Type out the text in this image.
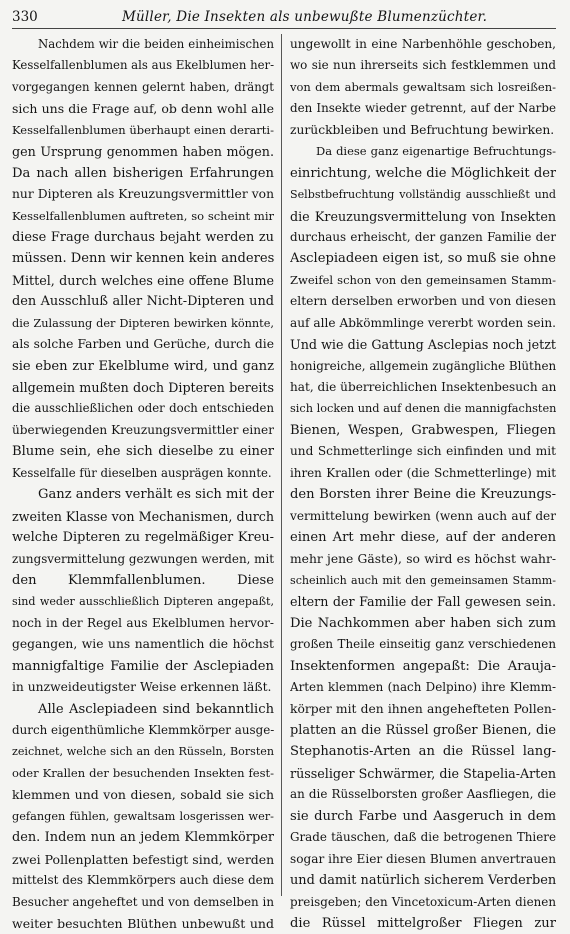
330	Müller, Die Insekten als unbewußte Blumenzüchter.
Nachdem wir die beiden einheimischen
Kesselfallenblumen als aus Ekelblumen her-
vorgegangen kennen gelernt haben, drängt
sich uns die Frage auf, ob denn wohl alle
Kesselfallenblumen überhaupt einen derarti-
gen Ursprung genommen haben mögen.
Da nach allen bisherigen Erfahrungen
nur Dipteren als Kreuzungsvermittler von
Kesselfallenblumen auftreten, so scheint mir
diese Frage durchaus bejaht werden zu
müssen. Denn wir kennen kein anderes
Mittel, durch welches eine offene Blume
den Ausschluß aller Nicht-Dipteren und
die Zulassung der Dipteren bewirken könnte,
als solche Farben und Gerüche, durch die
sie eben zur Ekelblume wird, und ganz
allgemein mußten doch Dipteren bereits
die ausschließlichen oder doch entschieden
überwiegenden Kreuzungsvermittler einer
Blume sein, ehe sich dieselbe zu einer
Kesselfalle für dieselben ausprägen konnte.
Ganz anders verhält es sich mit der
zweiten Klasse von Mechanismen, durch
welche Dipteren zu regelmäßiger Kreu-
zungsvermittelung gezwungen werden, mit
den Klemmfallenblumen. Diese
sind weder ausschließlich Dipteren angepaßt,
noch in der Regel aus Ekelblumen hervor-
gegangen, wie uns namentlich die höchst
mannigfaltige Familie der Asclepiaden
in unzweideutigster Weise erkennen läßt.
Alle Asclepiadeen sind bekanntlich
durch eigenthümliche Klemmkörper ausge-
zeichnet, welche sich an den Rüsseln, Borsten
oder Krallen der besuchenden Insekten fest-
klemmen und von diesen, sobald sie sich
gefangen fühlen, gewaltsam losgerissen wer-
den. Indem nun an jedem Klemmkörper
zwei Pollenplatten befestigt sind, werden
mittelst des Klemmkörpers auch diese dem
Besucher angeheftet und von demselben in
weiter besuchten Blüthen unbewußt und
ungewollt in eine Narbenhöhle geschoben,
wo sie nun ihrerseits sich festklemmen und
von dem abermals gewaltsam sich losreißen-
den Insekte wieder getrennt, auf der Narbe
zurückbleiben und Befruchtung bewirken.
Da diese ganz eigenartige Befruchtungs-
einrichtung, welche die Möglichkeit der
Selbstbefruchtung vollständig ausschließt und
die Kreuzungsvermittelung von Insekten
durchaus erheischt, der ganzen Familie der
Asclepiadeen eigen ist, so muß sie ohne
Zweifel schon von den gemeinsamen Stamm-
eltern derselben erworben und von diesen
auf alle Abkömmlinge vererbt worden sein.
Und wie die Gattung Asclepias noch jetzt
honigreiche, allgemein zugängliche Blüthen
hat, die überreichlichen Insektenbesuch an
sich locken und auf denen die mannigfachsten
Bienen, Wespen, Grabwespen, Fliegen
und Schmetterlinge sich einfinden und mit
ihren Krallen oder (die Schmetterlinge) mit
den Borsten ihrer Beine die Kreuzungs-
vermittelung bewirken (wenn auch auf der
einen Art mehr diese, auf der anderen
mehr jene Gäste), so wird es höchst wahr-
scheinlich auch mit den gemeinsamen Stamm-
eltern der Familie der Fall gewesen sein.
Die Nachkommen aber haben sich zum
großen Theile einseitig ganz verschiedenen
Insektenformen angepaßt: Die Araujа-
Arten klemmen (nach Delpino) ihre Klemm-
körper mit den ihnen angehefteten Pollen-
platten an die Rüssel großer Bienen, die
Stephanotis-Arten an die Rüssel lang-
rüsseliger Schwärmer, die Stapelia-Arten
an die Rüsselborsten großer Aasfliegen, die
sie durch Farbe und Aasgeruch in dem
Grade täuschen, daß die betrogenen Thiere
sogar ihre Eier diesen Blumen anvertrauen
und damit natürlich sicherem Verderben
preisgeben; den Vincetoxicum-Arten dienen
die Rüssel mittelgroßer Fliegen zur
